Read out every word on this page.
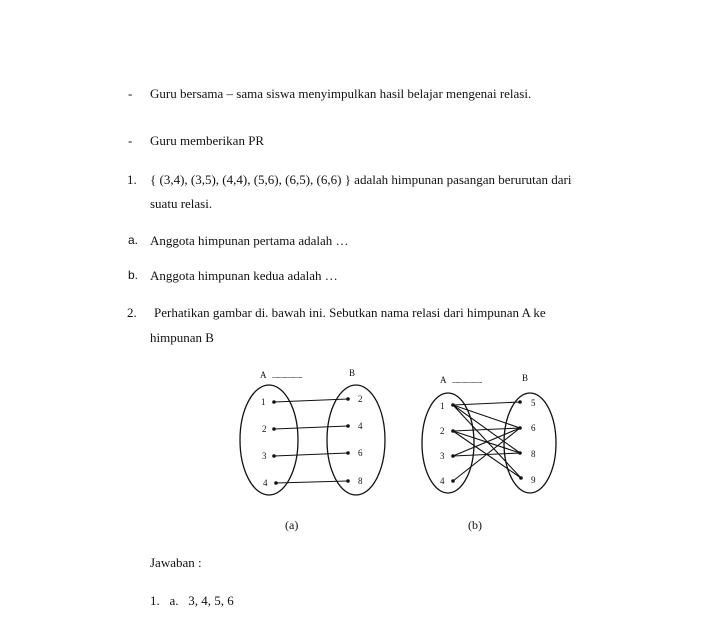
- Guru bersama – sama siswa menyimpulkan hasil belajar mengenai relasi.
- Guru memberikan PR
1. { (3,4), (3,5), (4,4), (5,6), (6,5), (6,6) } adalah himpunan pasangan berurutan dari
suatu relasi.
a. Anggota himpunan pertama adalah …
b. Anggota himpunan kedua adalah …
2. Perhatikan gambar di. bawah ini. Sebutkan nama relasi dari himpunan A ke
himpunan B
A ..........................	B
1
2
3
4
2
4
6
8
(a)
A ..........................	B
1
2
3
4
5
6
8
9
(b)
Jawaban :
1.   a.   3, 4, 5, 6
